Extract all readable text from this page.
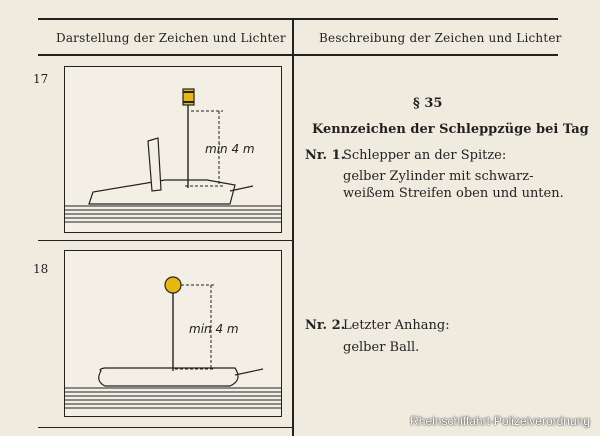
Darstellung der Zeichen und Lichter	Beschreibung der Zeichen und Lichter
17
min 4 m
18
min 4 m
§ 35
Kennzeichen der Schleppzüge bei Tag
Nr. 1.
Schlepper an der Spitze:
gelber Zylinder mit schwarz-
weißem Streifen oben und unten.
Nr. 2.
Letzter Anhang:
gelber Ball.
Rheinschiffahrt-Polizeiverordnung
